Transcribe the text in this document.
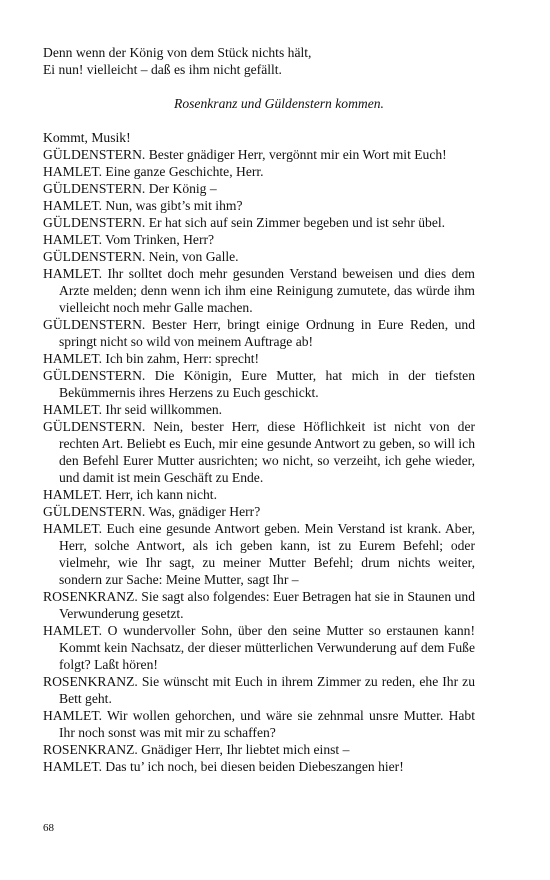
Denn wenn der König von dem Stück nichts hält,
Ei nun! vielleicht – daß es ihm nicht gefällt.
Rosenkranz und Güldenstern kommen.
Kommt, Musik!
GÜLDENSTERN. Bester gnädiger Herr, vergönnt mir ein Wort mit Euch!
HAMLET. Eine ganze Geschichte, Herr.
GÜLDENSTERN. Der König –
HAMLET. Nun, was gibt’s mit ihm?
GÜLDENSTERN. Er hat sich auf sein Zimmer begeben und ist sehr übel.
HAMLET. Vom Trinken, Herr?
GÜLDENSTERN. Nein, von Galle.
HAMLET. Ihr solltet doch mehr gesunden Verstand beweisen und dies dem Arzte melden; denn wenn ich ihm eine Reinigung zumutete, das würde ihm vielleicht noch mehr Galle machen.
GÜLDENSTERN. Bester Herr, bringt einige Ordnung in Eure Reden, und springt nicht so wild von meinem Auftrage ab!
HAMLET. Ich bin zahm, Herr: sprecht!
GÜLDENSTERN. Die Königin, Eure Mutter, hat mich in der tiefsten Bekümmernis ihres Herzens zu Euch geschickt.
HAMLET. Ihr seid willkommen.
GÜLDENSTERN. Nein, bester Herr, diese Höflichkeit ist nicht von der rechten Art. Beliebt es Euch, mir eine gesunde Antwort zu geben, so will ich den Befehl Eurer Mutter ausrichten; wo nicht, so verzeiht, ich gehe wieder, und damit ist mein Geschäft zu Ende.
HAMLET. Herr, ich kann nicht.
GÜLDENSTERN. Was, gnädiger Herr?
HAMLET. Euch eine gesunde Antwort geben. Mein Verstand ist krank. Aber, Herr, solche Antwort, als ich geben kann, ist zu Eurem Befehl; oder vielmehr, wie Ihr sagt, zu meiner Mutter Befehl; drum nichts weiter, sondern zur Sache: Meine Mutter, sagt Ihr –
ROSENKRANZ. Sie sagt also folgendes: Euer Betragen hat sie in Staunen und Verwunderung gesetzt.
HAMLET. O wundervoller Sohn, über den seine Mutter so erstaunen kann! Kommt kein Nachsatz, der dieser mütterlichen Verwunderung auf dem Fuße folgt? Laßt hören!
ROSENKRANZ. Sie wünscht mit Euch in ihrem Zimmer zu reden, ehe Ihr zu Bett geht.
HAMLET. Wir wollen gehorchen, und wäre sie zehnmal unsre Mutter. Habt Ihr noch sonst was mit mir zu schaffen?
ROSENKRANZ. Gnädiger Herr, Ihr liebtet mich einst –
HAMLET. Das tu’ ich noch, bei diesen beiden Diebeszangen hier!
68
